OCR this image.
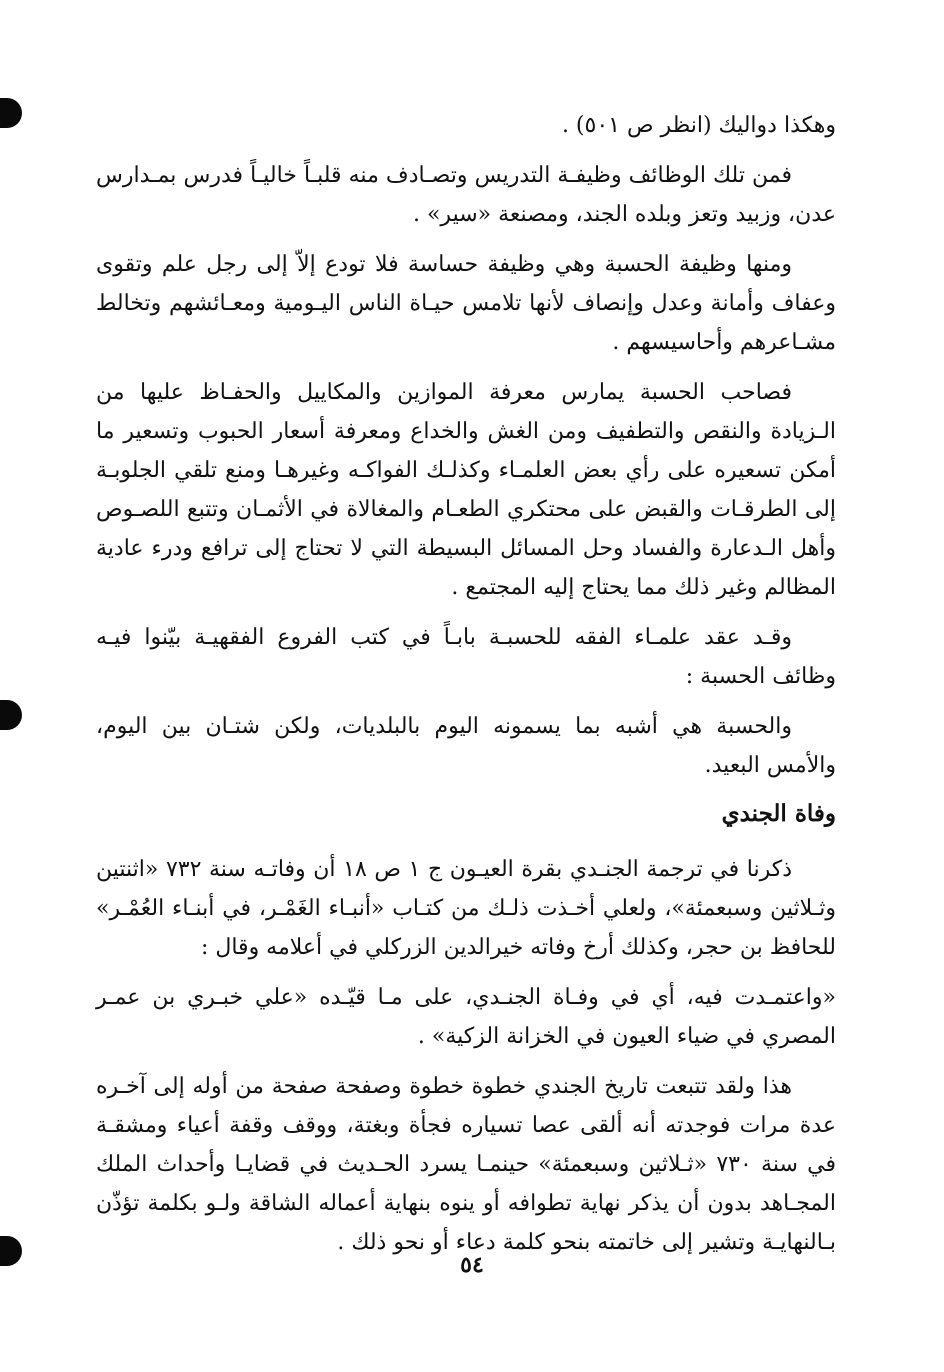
وهكذا دواليك (انظر ص ٥٠١) .

فمن تلك الوظائف وظيفـة التدريس وتصـادف منه قلبـاً خاليـاً فدرس بمـدارس عدن، وزبيد وتعز وبلده الجند، ومصنعة «سير» .

ومنها وظيفة الحسبة وهي وظيفة حساسة فلا تودع إلاّ إلى رجل علم وتقوى وعفاف وأمانة وعدل وإنصاف لأنها تلامس حيـاة الناس اليـومية ومعـائشهم وتخالط مشـاعرهم وأحاسيسهم .

فصاحب الحسبة يمارس معرفة الموازين والمكاييل والحفـاظ عليها من الـزيادة والنقص والتطفيف ومن الغش والخداع ومعرفة أسعار الحبوب وتسعير ما أمكن تسعيره على رأي بعض العلمـاء وكذلـك الفواكـه وغيرهـا ومنع تلقي الجلوبـة إلى الطرقـات والقبض على محتكري الطعـام والمغالاة في الأثمـان وتتبع اللصـوص وأهل الـدعارة والفساد وحل المسائل البسيطة التي لا تحتاج إلى ترافع ودرء عادية المظالم وغير ذلك مما يحتاج إليه المجتمع .

وقـد عقد علمـاء الفقه للحسبـة بابـاً في كتب الفروع الفقهيـة بيّنوا فيـه وظائف الحسبة :

والحسبة هي أشبه بما يسمونه اليوم بالبلديات، ولكن شتـان بين اليوم، والأمس البعيد.

وفاة الجندي

ذكرنا في ترجمة الجنـدي بقرة العيـون ج ١ ص ١٨ أن وفاتـه سنة ٧٣٢ «اثنتين وثـلاثين وسبعمئة»، ولعلي أخـذت ذلـك من كتـاب «أنبـاء الغَمْـر، في أبنـاء العُمْـر» للحافظ بن حجر، وكذلك أرخ وفاته خيرالدين الزركلي في أعلامه وقال :

«واعتمـدت فيه، أي في وفـاة الجنـدي، على مـا قيّـده «علي خبـري بن عمـر المصري في ضياء العيون في الخزانة الزكية» .

هذا ولقد تتبعت تاريخ الجندي خطوة خطوة وصفحة صفحة من أوله إلى آخـره عدة مرات فوجدته أنه ألقى عصا تسياره فجأة وبغتة، ووقف وقفة أعياء ومشقـة في سنة ٧٣٠ «ثـلاثين وسبعمئة» حينمـا يسرد الحـديث في قضايـا وأحداث الملك المجـاهد بدون أن يذكر نهاية تطوافه أو ينوه بنهاية أعماله الشاقة ولـو بكلمة تؤذّن بـالنهايـة وتشير إلى خاتمته بنحو كلمة دعاء أو نحو ذلك .

٥٤
